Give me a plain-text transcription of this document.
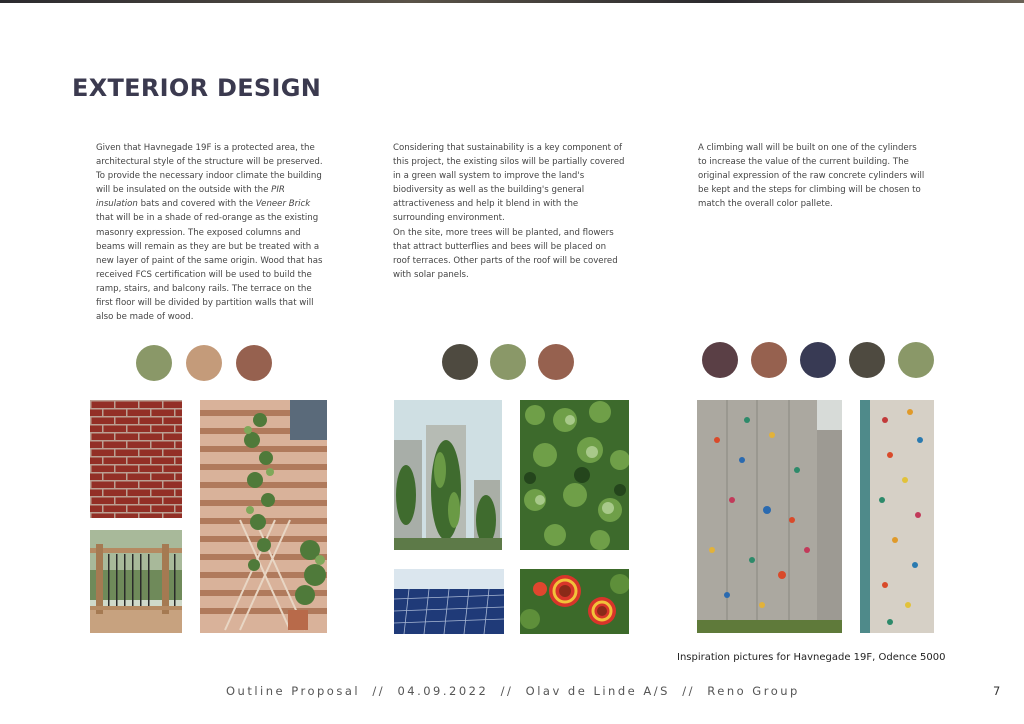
EXTERIOR DESIGN

Given that Havnegade 19F is a protected area, the architectural style of the structure will be preserved. To provide the necessary indoor climate the building will be insulated on the outside with the PIR insulation bats and covered with the Veneer Brick that will be in a shade of red-orange as the existing masonry expression. The exposed columns and beams will remain as they are but be treated with a new layer of paint of the same origin. Wood that has received FCS certification will be used to build the ramp, stairs, and balcony rails. The terrace on the first floor will be divided by partition walls that will also be made of wood.

Considering that sustainability is a key component of this project, the existing silos will be partially covered in a green wall system to improve the land's biodiversity as well as the building's general attractiveness and help it blend in with the surrounding environment.

On the site, more trees will be planted, and flowers that attract butterflies and bees will be placed on roof terraces. Other parts of the roof will be covered with solar panels.

A climbing wall will be built on one of the cylinders to increase the value of the current building. The original expression of the raw concrete cylinders will be kept and the steps for climbing will be chosen to match the overall color pallete.

Inspiration pictures for Havnegade 19F, Odence 5000
Outline Proposal  //  04.09.2022  //  Olav de Linde A/S  //  Reno Group	7
